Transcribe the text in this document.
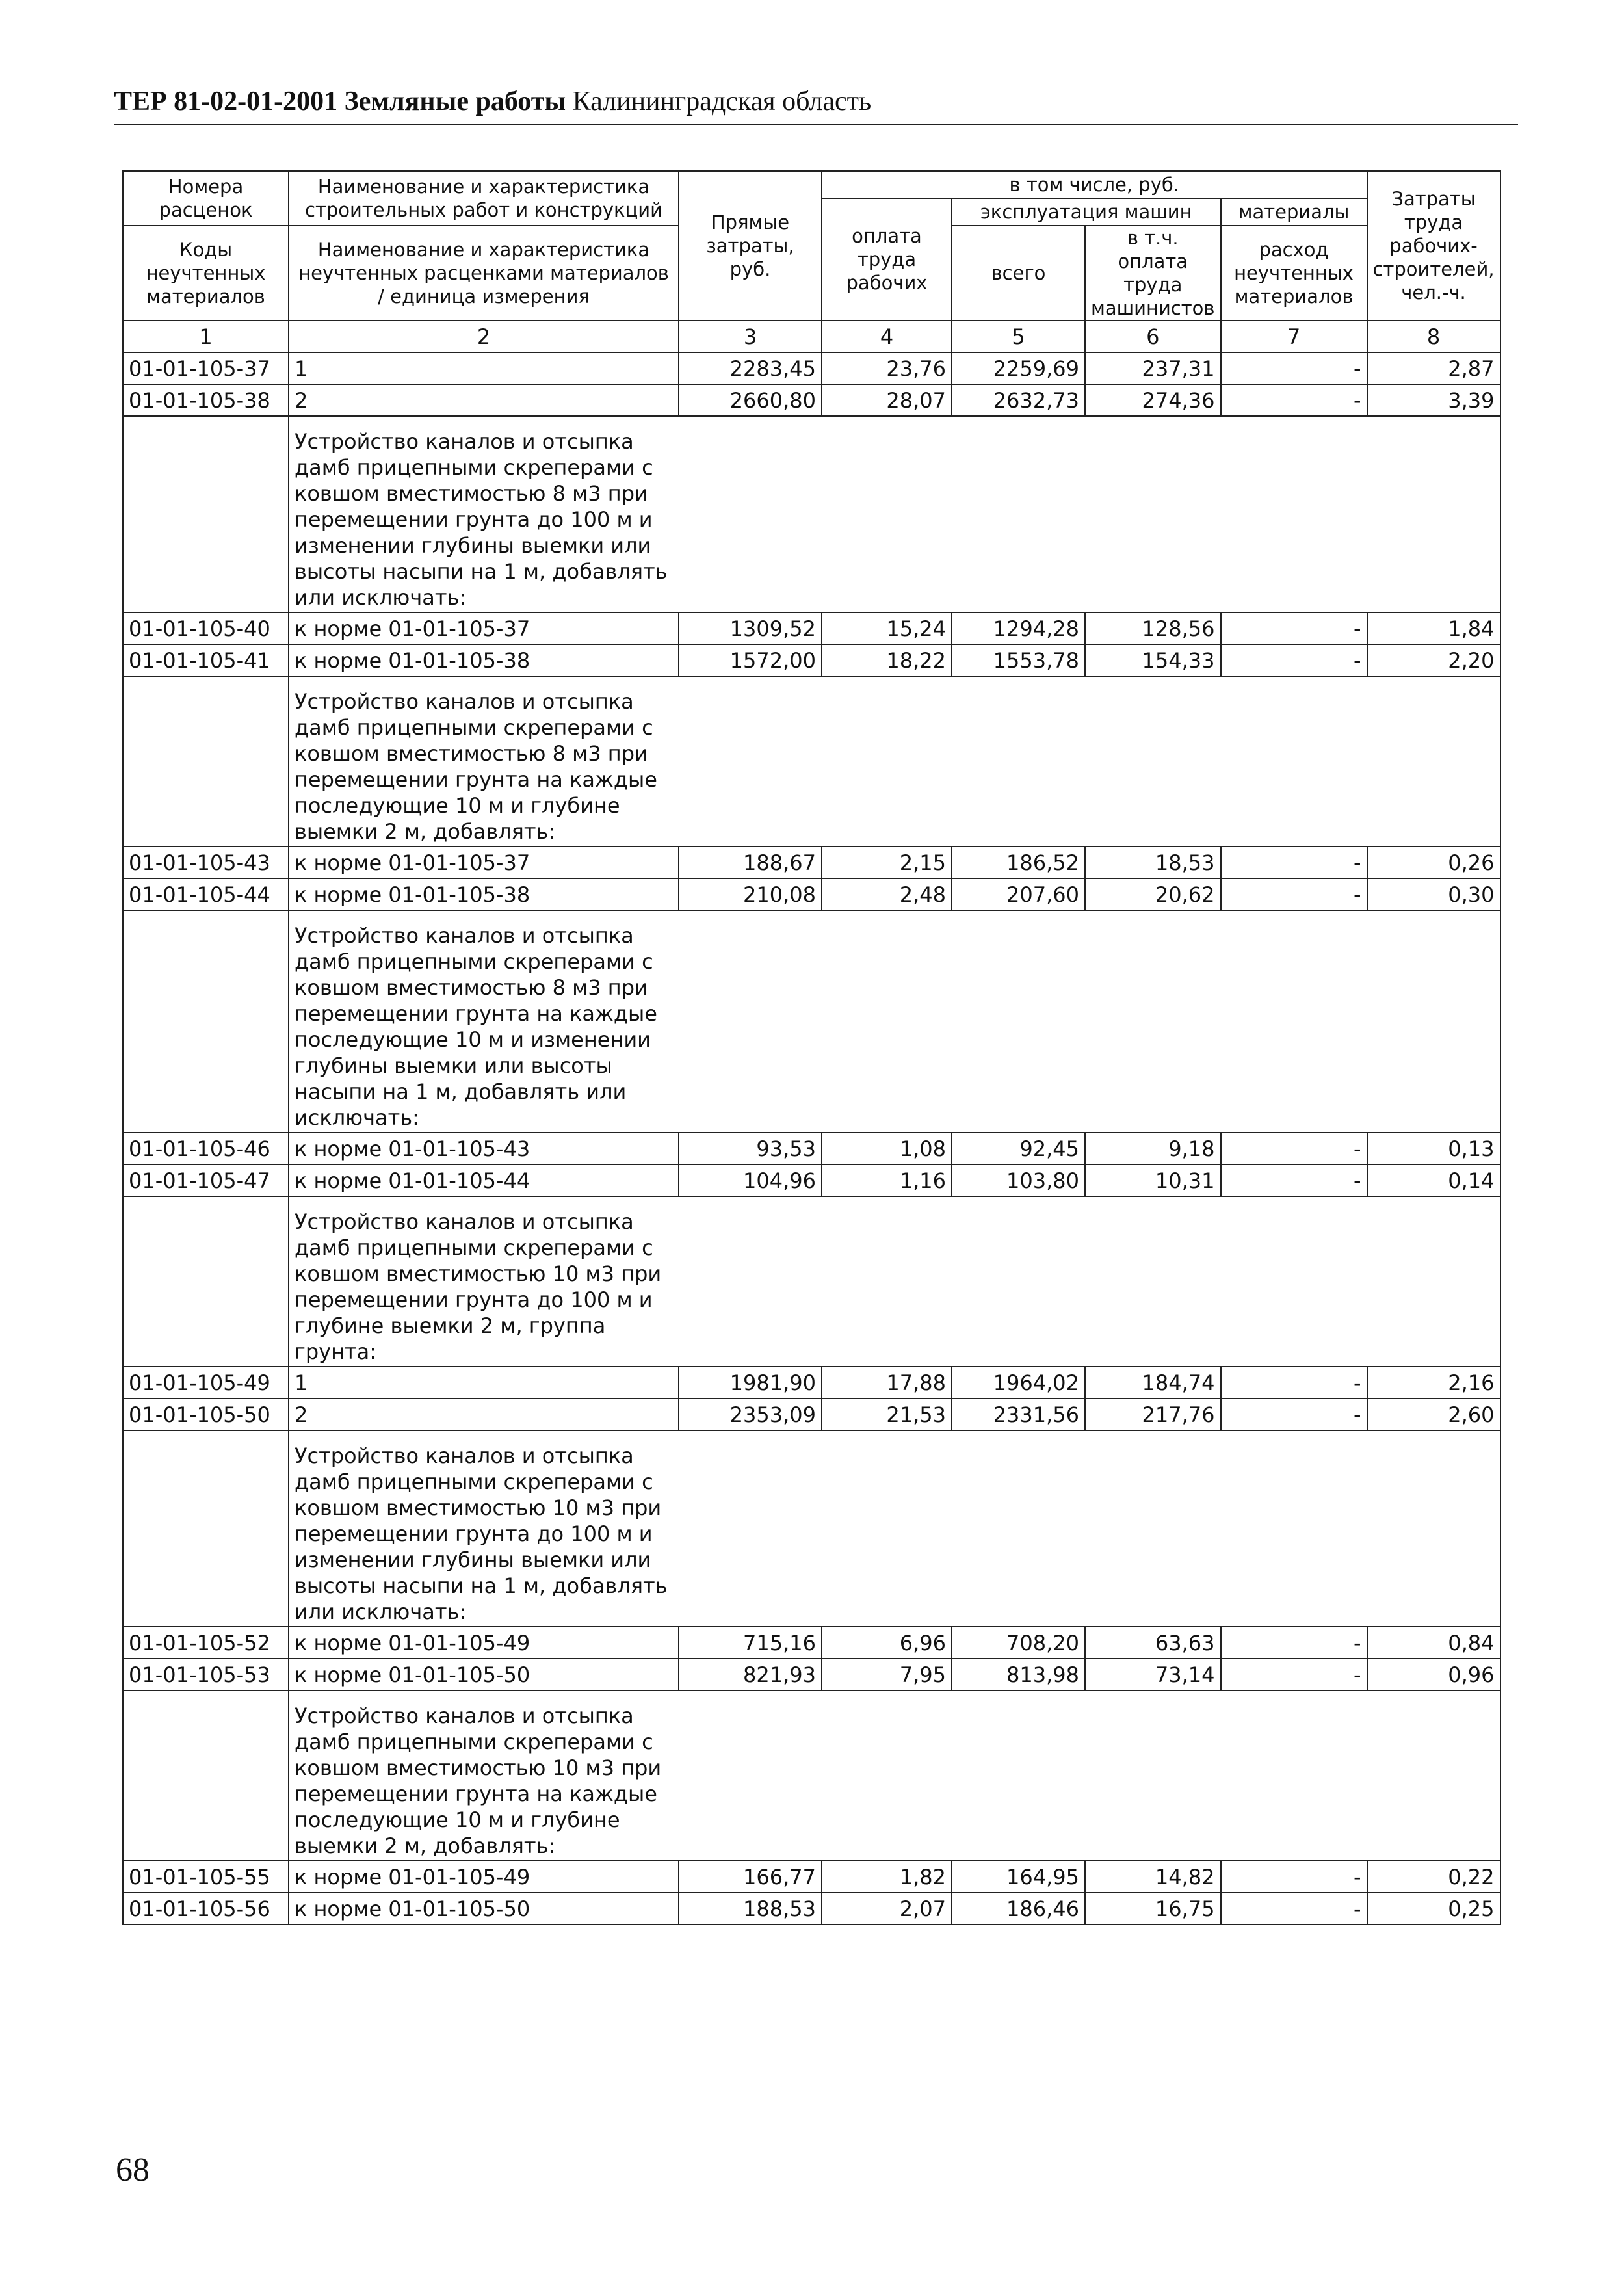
ТЕР 81-02-01-2001 Земляные работы Калининградская область
Номера расценок	Наименование и характеристика строительных работ и конструкций	Прямые затраты, руб.	в том числе, руб.				Затраты труда рабочих-строителей, чел.-ч.
			оплата труда рабочих	эксплуатация машин		материалы	
Коды неучтенных материалов	Наименование и характеристика неучтенных расценками материалов / единица измерения			всего	в т.ч. оплата труда машинистов	расход неучтенных материалов	
1	2	3	4	5	6	7	8
01-01-105-37	1	2283,45	23,76	2259,69	237,31	-	2,87
01-01-105-38	2	2660,80	28,07	2632,73	274,36	-	3,39

	Устройство каналов и отсыпка дамб прицепными скреперами с ковшом вместимостью 8 м3 при перемещении грунта до 100 м и изменении глубины выемки или высоты насыпи на 1 м, добавлять или исключать:						

01-01-105-40	к норме 01-01-105-37	1309,52	15,24	1294,28	128,56	-	1,84
01-01-105-41	к норме 01-01-105-38	1572,00	18,22	1553,78	154,33	-	2,20

	Устройство каналов и отсыпка дамб прицепными скреперами с ковшом вместимостью 8 м3 при перемещении грунта на каждые последующие 10 м и глубине выемки 2 м, добавлять:						

01-01-105-43	к норме 01-01-105-37	188,67	2,15	186,52	18,53	-	0,26
01-01-105-44	к норме 01-01-105-38	210,08	2,48	207,60	20,62	-	0,30

	Устройство каналов и отсыпка дамб прицепными скреперами с ковшом вместимостью 8 м3 при перемещении грунта на каждые последующие 10 м и изменении глубины выемки или высоты насыпи на 1 м, добавлять или исключать:						

01-01-105-46	к норме 01-01-105-43	93,53	1,08	92,45	9,18	-	0,13
01-01-105-47	к норме 01-01-105-44	104,96	1,16	103,80	10,31	-	0,14

	Устройство каналов и отсыпка дамб прицепными скреперами с ковшом вместимостью 10 м3 при перемещении грунта до 100 м и глубине выемки 2 м, группа грунта:						

01-01-105-49	1	1981,90	17,88	1964,02	184,74	-	2,16
01-01-105-50	2	2353,09	21,53	2331,56	217,76	-	2,60

	Устройство каналов и отсыпка дамб прицепными скреперами с ковшом вместимостью 10 м3 при перемещении грунта до 100 м и изменении глубины выемки или высоты насыпи на 1 м, добавлять или исключать:						

01-01-105-52	к норме 01-01-105-49	715,16	6,96	708,20	63,63	-	0,84
01-01-105-53	к норме 01-01-105-50	821,93	7,95	813,98	73,14	-	0,96

	Устройство каналов и отсыпка дамб прицепными скреперами с ковшом вместимостью 10 м3 при перемещении грунта на каждые последующие 10 м и глубине выемки 2 м, добавлять:						

01-01-105-55	к норме 01-01-105-49	166,77	1,82	164,95	14,82	-	0,22
01-01-105-56	к норме 01-01-105-50	188,53	2,07	186,46	16,75	-	0,25
68
